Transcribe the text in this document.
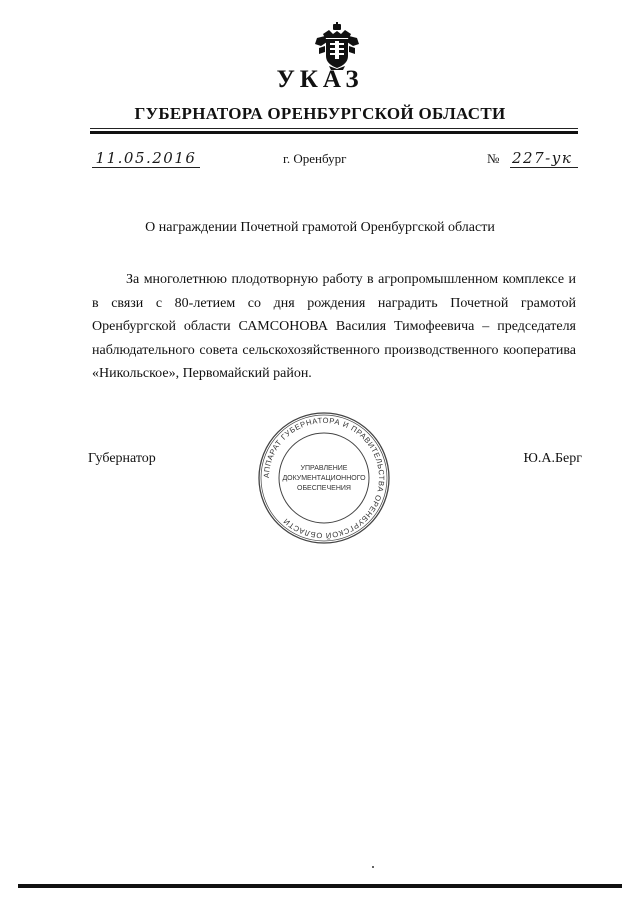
УКАЗ
ГУБЕРНАТОРА ОРЕНБУРГСКОЙ ОБЛАСТИ
11.05.2016	г. Оренбург	№ 227-ук
О награждении Почетной грамотой Оренбургской области
За многолетнюю плодотворную работу в агропромышленном комплексе и в связи с 80-летием со дня рождения наградить Почетной грамотой Оренбургской области САМСОНОВА Василия Тимофеевича – председателя наблюдательного совета сельскохозяйственного производственного кооператива «Никольское», Первомайский район.
Губернатор	Ю.А.Берг
АППАРАТ ГУБЕРНАТОРА И ПРАВИТЕЛЬСТВА ОРЕНБУРГСКОЙ ОБЛАСТИ
УПРАВЛЕНИЕ
ДОКУМЕНТАЦИОННОГО
ОБЕСПЕЧЕНИЯ
